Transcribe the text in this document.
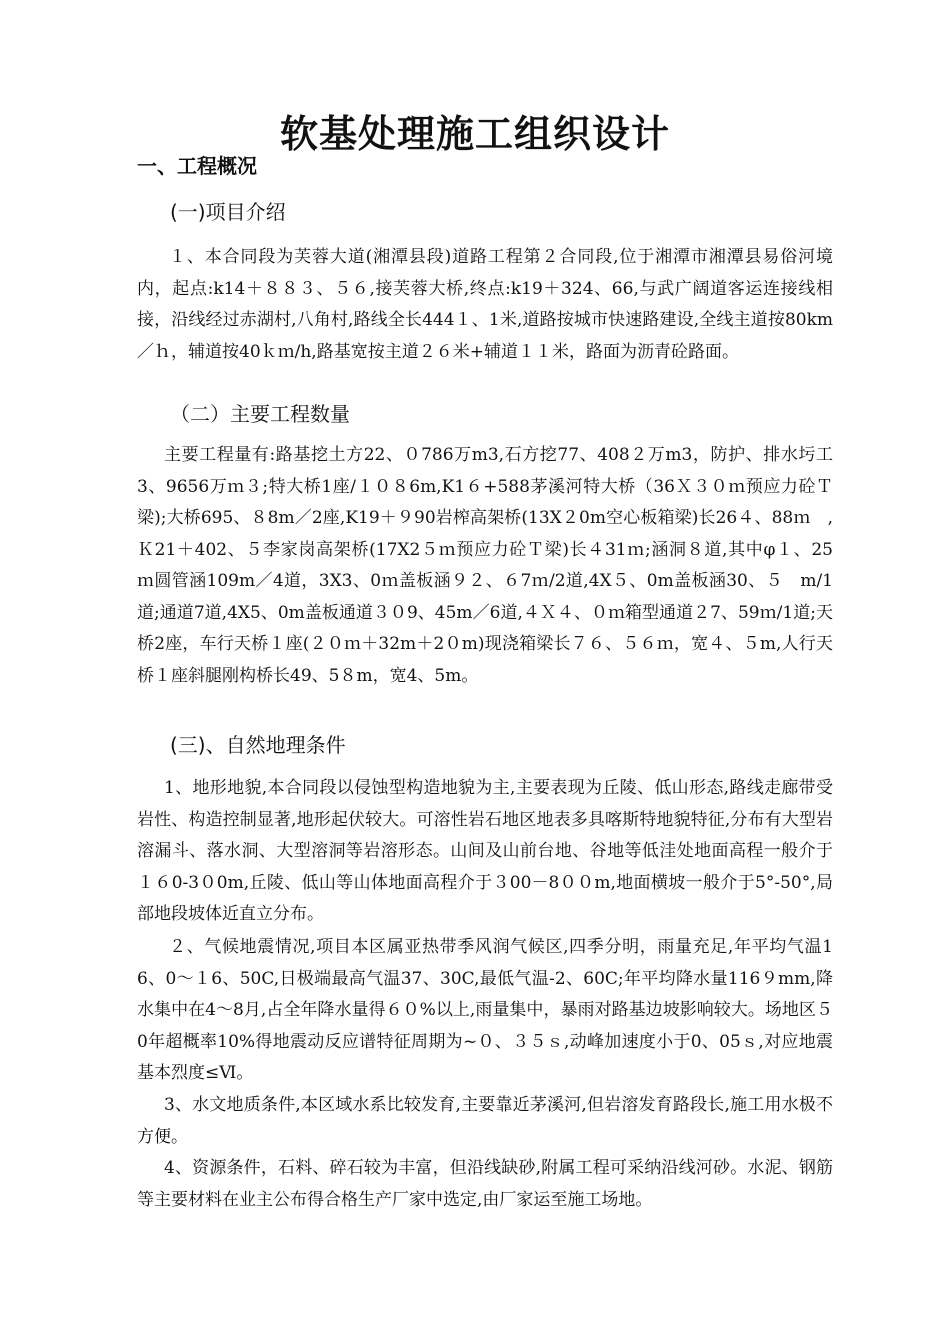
软基处理施工组织设计
一、工程概况
(一)项目介绍

１、本合同段为芙蓉大道(湘潭县段)道路工程第２合同段,位于湘潭市湘潭县易俗河境内，起点:k14＋８８３、５６,接芙蓉大桥,终点:k19＋324、66,与武广阔道客运连接线相接，沿线经过赤湖村,八角村,路线全长444１、1米,道路按城市快速路建设,全线主道按80km／ｈ，辅道按40ｋｍ/h,路基宽按主道２６米+辅道１１米，路面为沥青砼路面。

（二）主要工程数量

主要工程量有:路基挖土方22、０786万m3,石方挖77、408２万m3，防护、排水圬工3、9656万ｍ３;特大桥1座/１０８6m,K1６+588茅溪河特大桥（36Ｘ３０ｍ预应力砼Ｔ梁);大桥695、８8m／2座,K19＋９90岩榨高架桥(13X２0m空心板箱梁)长26４、88ｍ　,Ｋ21＋402、５李家岗高架桥(17X2５ｍ预应力砼Ｔ梁)长４31ｍ;涵洞８道,其中φ１、25　ｍ圆管涵109m／4道，3X3、0ｍ盖板涵９２、６7ｍ/2道,4X５、0m盖板涵30、５　m/1道;通道7道,4X5、0m盖板通道３０9、45m／6道,４Ｘ４、０ｍ箱型通道２7、59ｍ/1道;天桥2座，车行天桥１座(２０ｍ＋32m＋2０m)现浇箱梁长７６、５６ｍ，宽４、５m,人行天桥１座斜腿刚构桥长49、5８m，宽4、5m。

(三)、自然地理条件

1、地形地貌,本合同段以侵蚀型构造地貌为主,主要表现为丘陵、低山形态,路线走廊带受岩性、构造控制显著,地形起伏较大。可溶性岩石地区地表多具喀斯特地貌特征,分布有大型岩溶漏斗、落水洞、大型溶洞等岩溶形态。山间及山前台地、谷地等低洼处地面高程一般介于１６0-3０0m,丘陵、低山等山体地面高程介于３00－8００m,地面横坡一般介于5°-50°,局部地段坡体近直立分布。

２、气候地震情况,项目本区属亚热带季风润气候区,四季分明，雨量充足,年平均气温16、0～１6、50C,日极端最高气温37、30C,最低气温-2、60C;年平均降水量116９mm,降水集中在4～8月,占全年降水量得６０%以上,雨量集中，暴雨对路基边坡影响较大。场地区５0年超概率10%得地震动反应谱特征周期为~０、３５ｓ,动峰加速度小于0、05ｓ,对应地震基本烈度≤Ⅵ。

3、水文地质条件,本区域水系比较发育,主要靠近茅溪河,但岩溶发育路段长,施工用水极不方便。

4、资源条件，石料、碎石较为丰富，但沿线缺砂,附属工程可采纳沿线河砂。水泥、钢筋等主要材料在业主公布得合格生产厂家中选定,由厂家运至施工场地。
